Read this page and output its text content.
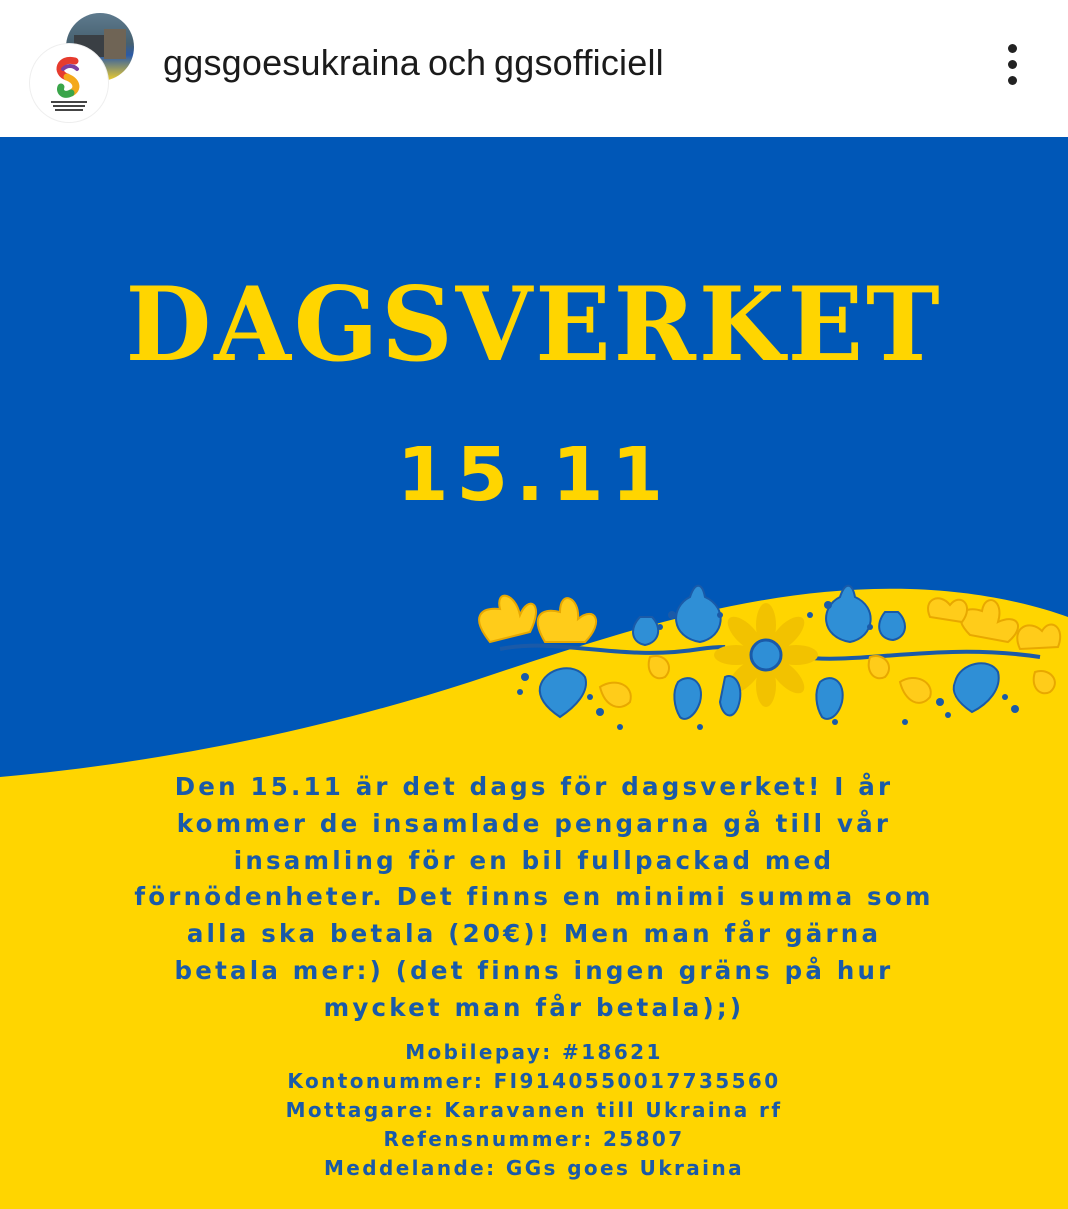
ggsgoesukraina och ggsofficiell
DAGSVERKET
15.11
Den 15.11 är det dags för dagsverket! I år
kommer de insamlade pengarna gå till vår
insamling för en bil fullpackad med
förnödenheter. Det finns en minimi summa som
alla ska betala (20€)! Men man får gärna
betala mer:) (det finns ingen gräns på hur
mycket man får betala);)
Mobilepay: #18621
Kontonummer: FI9140550017735560
Mottagare: Karavanen till Ukraina rf
Refensnummer: 25807
Meddelande: GGs goes Ukraina
